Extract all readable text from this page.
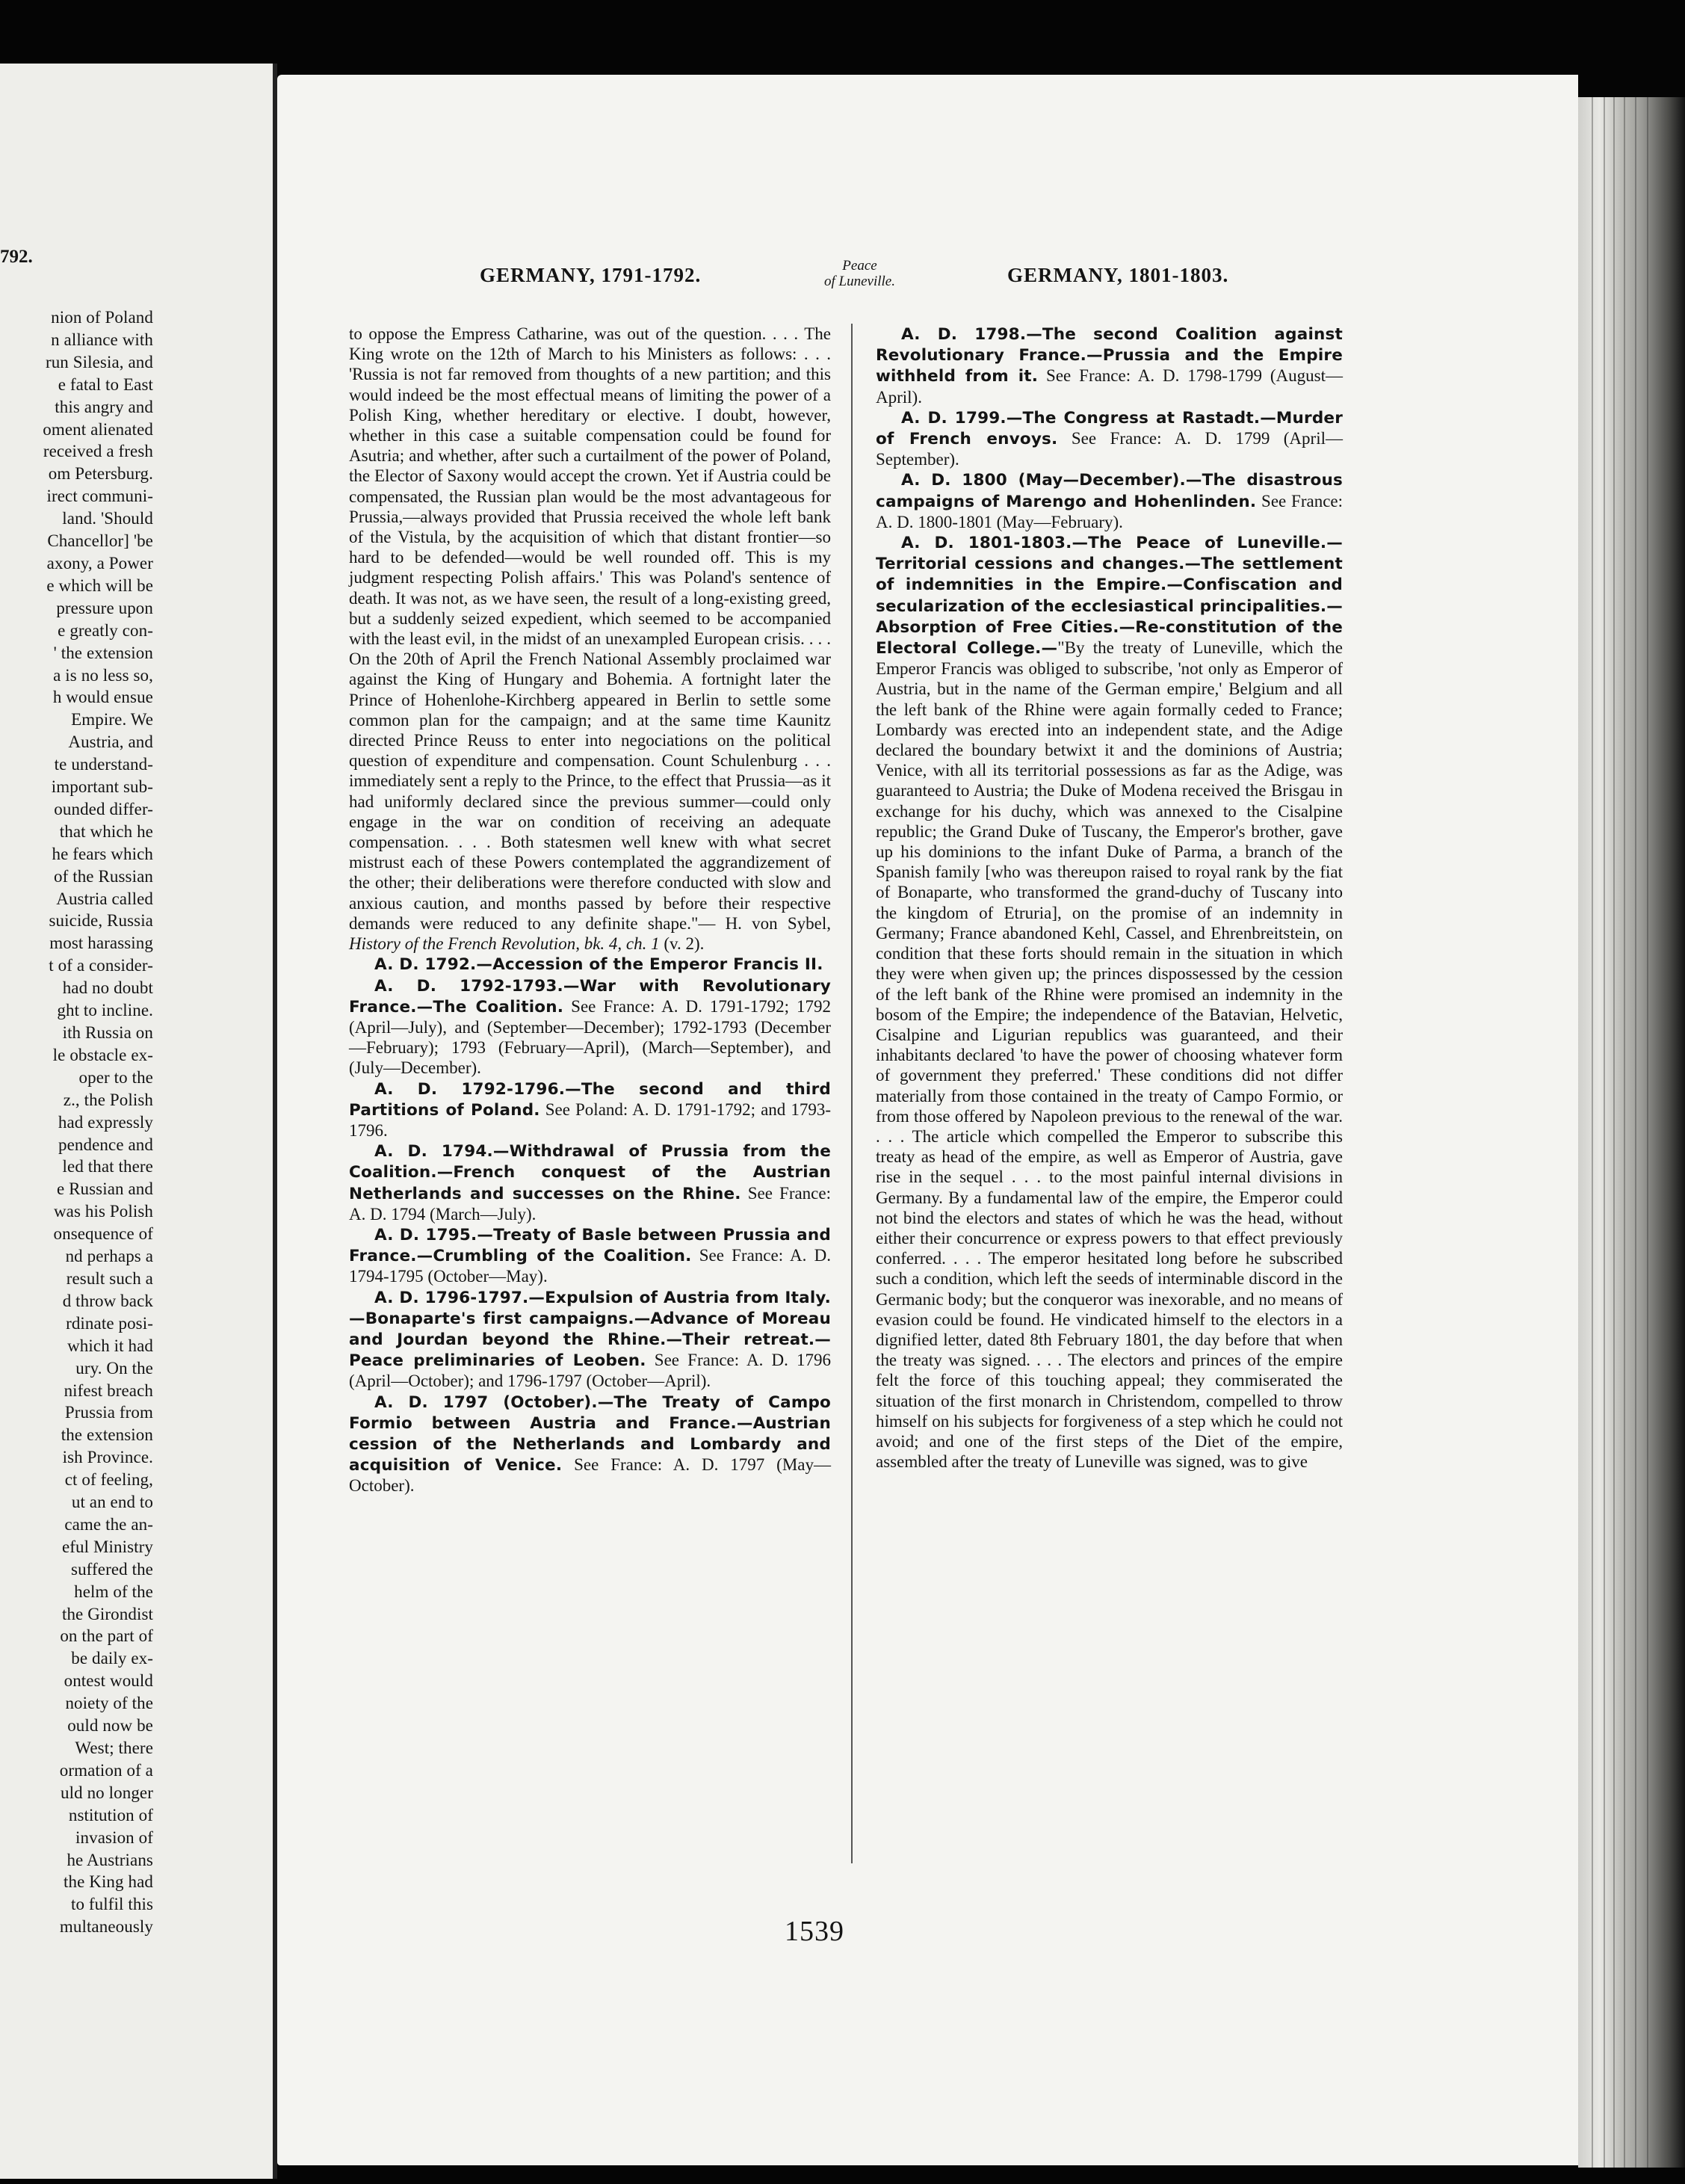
792.
nion of Poland
n alliance with
run Silesia, and
e fatal to East
this angry and
oment alienated
received a fresh
om Petersburg.
irect communi-
land. 'Should
Chancellor] 'be
axony, a Power
e which will be
pressure upon
e greatly con-
' the extension
a is no less so,
h would ensue
Empire. We
Austria, and
te understand-
important sub-
ounded differ-
that which he
he fears which
of the Russian
Austria called
suicide, Russia
most harassing
t of a consider-
had no doubt
ght to incline.
ith Russia on
le obstacle ex-
oper to the
z., the Polish
had expressly
pendence and
led that there
e Russian and
was his Polish
onsequence of
nd perhaps a
result such a
d throw back
rdinate posi-
which it had
ury. On the
nifest breach
Prussia from
the extension
ish Province.
ct of feeling,
ut an end to
came the an-
eful Ministry
suffered the
helm of the
the Girondist
on the part of
be daily ex-
ontest would
noiety of the
ould now be
West; there
ormation of a
uld no longer
nstitution of
invasion of
he Austrians
the King had
to fulfil this
multaneously
GERMANY, 1791-1792.	Peace
of Luneville.	GERMANY, 1801-1803.

to oppose the Empress Catharine, was out of the question. . . . The King wrote on the 12th of March to his Ministers as follows: . . . 'Russia is not far removed from thoughts of a new partition; and this would indeed be the most effectual means of limiting the power of a Polish King, whether hereditary or elective. I doubt, however, whether in this case a suitable compensation could be found for Asutria; and whether, after such a curtailment of the power of Poland, the Elector of Saxony would accept the crown. Yet if Austria could be compensated, the Russian plan would be the most advantageous for Prussia,—always provided that Prussia received the whole left bank of the Vistula, by the acquisition of which that distant frontier—so hard to be defended—would be well rounded off. This is my judgment respecting Polish affairs.' This was Poland's sentence of death. It was not, as we have seen, the result of a long-existing greed, but a suddenly seized expedient, which seemed to be accompanied with the least evil, in the midst of an unexampled European crisis. . . . On the 20th of April the French National Assembly proclaimed war against the King of Hungary and Bohemia. A fortnight later the Prince of Hohenlohe-Kirchberg appeared in Berlin to settle some common plan for the campaign; and at the same time Kaunitz directed Prince Reuss to enter into negociations on the political question of expenditure and compensation. Count Schulenburg . . . immediately sent a reply to the Prince, to the effect that Prussia—as it had uniformly declared since the previous summer—could only engage in the war on condition of receiving an adequate compensation. . . . Both statesmen well knew with what secret mistrust each of these Powers contemplated the aggrandizement of the other; their deliberations were therefore conducted with slow and anxious caution, and months passed by before their respective demands were reduced to any definite shape."— H. von Sybel, History of the French Revolution, bk. 4, ch. 1 (v. 2).

A. D. 1792.—Accession of the Emperor Francis II.

A. D. 1792-1793.—War with Revolutionary France.—The Coalition. See France: A. D. 1791-1792; 1792 (April—July), and (September—December); 1792-1793 (December—February); 1793 (February—April), (March—September), and (July—December).

A. D. 1792-1796.—The second and third Partitions of Poland. See Poland: A. D. 1791-1792; and 1793-1796.

A. D. 1794.—Withdrawal of Prussia from the Coalition.—French conquest of the Austrian Netherlands and successes on the Rhine. See France: A. D. 1794 (March—July).

A. D. 1795.—Treaty of Basle between Prussia and France.—Crumbling of the Coalition. See France: A. D. 1794-1795 (October—May).

A. D. 1796-1797.—Expulsion of Austria from Italy.—Bonaparte's first campaigns.—Advance of Moreau and Jourdan beyond the Rhine.—Their retreat.—Peace preliminaries of Leoben. See France: A. D. 1796 (April—October); and 1796-1797 (October—April).

A. D. 1797 (October).—The Treaty of Campo Formio between Austria and France.—Austrian cession of the Netherlands and Lombardy and acquisition of Venice. See France: A. D. 1797 (May—October).

A. D. 1798.—The second Coalition against Revolutionary France.—Prussia and the Empire withheld from it. See France: A. D. 1798-1799 (August—April).

A. D. 1799.—The Congress at Rastadt.—Murder of French envoys. See France: A. D. 1799 (April—September).

A. D. 1800 (May—December).—The disastrous campaigns of Marengo and Hohenlinden. See France: A. D. 1800-1801 (May—February).

A. D. 1801-1803.—The Peace of Luneville.—Territorial cessions and changes.—The settlement of indemnities in the Empire.—Confiscation and secularization of the ecclesiastical principalities.—Absorption of Free Cities.—Re-constitution of the Electoral College.—"By the treaty of Luneville, which the Emperor Francis was obliged to subscribe, 'not only as Emperor of Austria, but in the name of the German empire,' Belgium and all the left bank of the Rhine were again formally ceded to France; Lombardy was erected into an independent state, and the Adige declared the boundary betwixt it and the dominions of Austria; Venice, with all its territorial possessions as far as the Adige, was guaranteed to Austria; the Duke of Modena received the Brisgau in exchange for his duchy, which was annexed to the Cisalpine republic; the Grand Duke of Tuscany, the Emperor's brother, gave up his dominions to the infant Duke of Parma, a branch of the Spanish family [who was thereupon raised to royal rank by the fiat of Bonaparte, who transformed the grand-duchy of Tuscany into the kingdom of Etruria], on the promise of an indemnity in Germany; France abandoned Kehl, Cassel, and Ehrenbreitstein, on condition that these forts should remain in the situation in which they were when given up; the princes dispossessed by the cession of the left bank of the Rhine were promised an indemnity in the bosom of the Empire; the independence of the Batavian, Helvetic, Cisalpine and Ligurian republics was guaranteed, and their inhabitants declared 'to have the power of choosing whatever form of government they preferred.' These conditions did not differ materially from those contained in the treaty of Campo Formio, or from those offered by Napoleon previous to the renewal of the war. . . . The article which compelled the Emperor to subscribe this treaty as head of the empire, as well as Emperor of Austria, gave rise in the sequel . . . to the most painful internal divisions in Germany. By a fundamental law of the empire, the Emperor could not bind the electors and states of which he was the head, without either their concurrence or express powers to that effect previously conferred. . . . The emperor hesitated long before he subscribed such a condition, which left the seeds of interminable discord in the Germanic body; but the conqueror was inexorable, and no means of evasion could be found. He vindicated himself to the electors in a dignified letter, dated 8th February 1801, the day before that when the treaty was signed. . . . The electors and princes of the empire felt the force of this touching appeal; they commiserated the situation of the first monarch in Christendom, compelled to throw himself on his subjects for forgiveness of a step which he could not avoid; and one of the first steps of the Diet of the empire, assembled after the treaty of Luneville was signed, was to give

1539
